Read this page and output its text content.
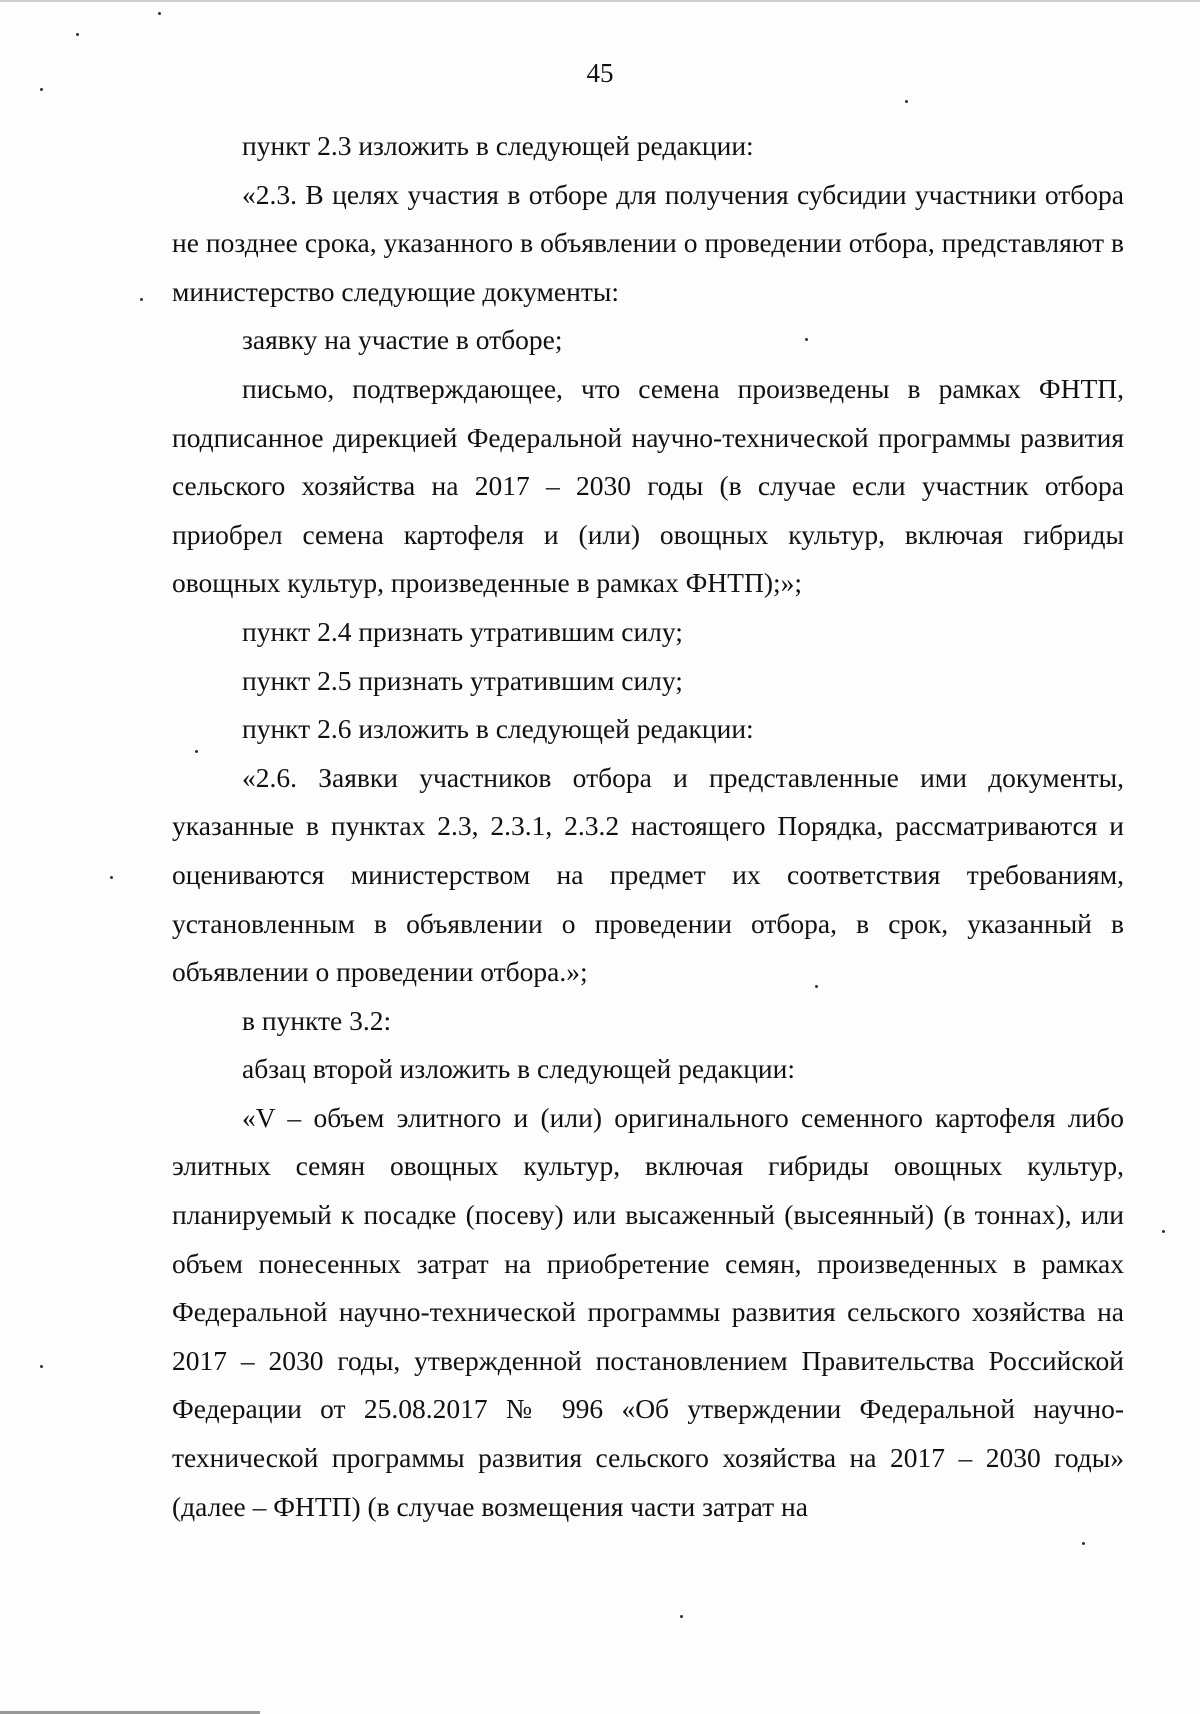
45

пункт 2.3 изложить в следующей редакции:

«2.3. В целях участия в отборе для получения субсидии участники отбора не позднее срока, указанного в объявлении о проведении отбора, представляют в министерство следующие документы:

заявку на участие в отборе;

письмо, подтверждающее, что семена произведены в рамках ФНТП, подписанное дирекцией Федеральной научно-технической программы развития сельского хозяйства на 2017 – 2030 годы (в случае если участник отбора приобрел семена картофеля и (или) овощных культур, включая гибриды овощных культур, произведенные в рамках ФНТП);»;

пункт 2.4 признать утратившим силу;

пункт 2.5 признать утратившим силу;

пункт 2.6 изложить в следующей редакции:

«2.6. Заявки участников отбора и представленные ими документы, указанные в пунктах 2.3, 2.3.1, 2.3.2 настоящего Порядка, рассматриваются и оцениваются министерством на предмет их соответствия требованиям, установленным в объявлении о проведении отбора, в срок, указанный в объявлении о проведении отбора.»;

в пункте 3.2:

абзац второй изложить в следующей редакции:

«V – объем элитного и (или) оригинального семенного картофеля либо элитных семян овощных культур, включая гибриды овощных культур, планируемый к посадке (посеву) или высаженный (высеянный) (в тоннах), или объем понесенных затрат на приобретение семян, произведенных в рамках Федеральной научно-технической программы развития сельского хозяйства на 2017 – 2030 годы, утвержденной постановлением Правительства Российской Федерации от 25.08.2017 № 996 «Об утверждении Федеральной научно-технической программы развития сельского хозяйства на 2017 – 2030 годы» (далее – ФНТП) (в случае возмещения части затрат на
